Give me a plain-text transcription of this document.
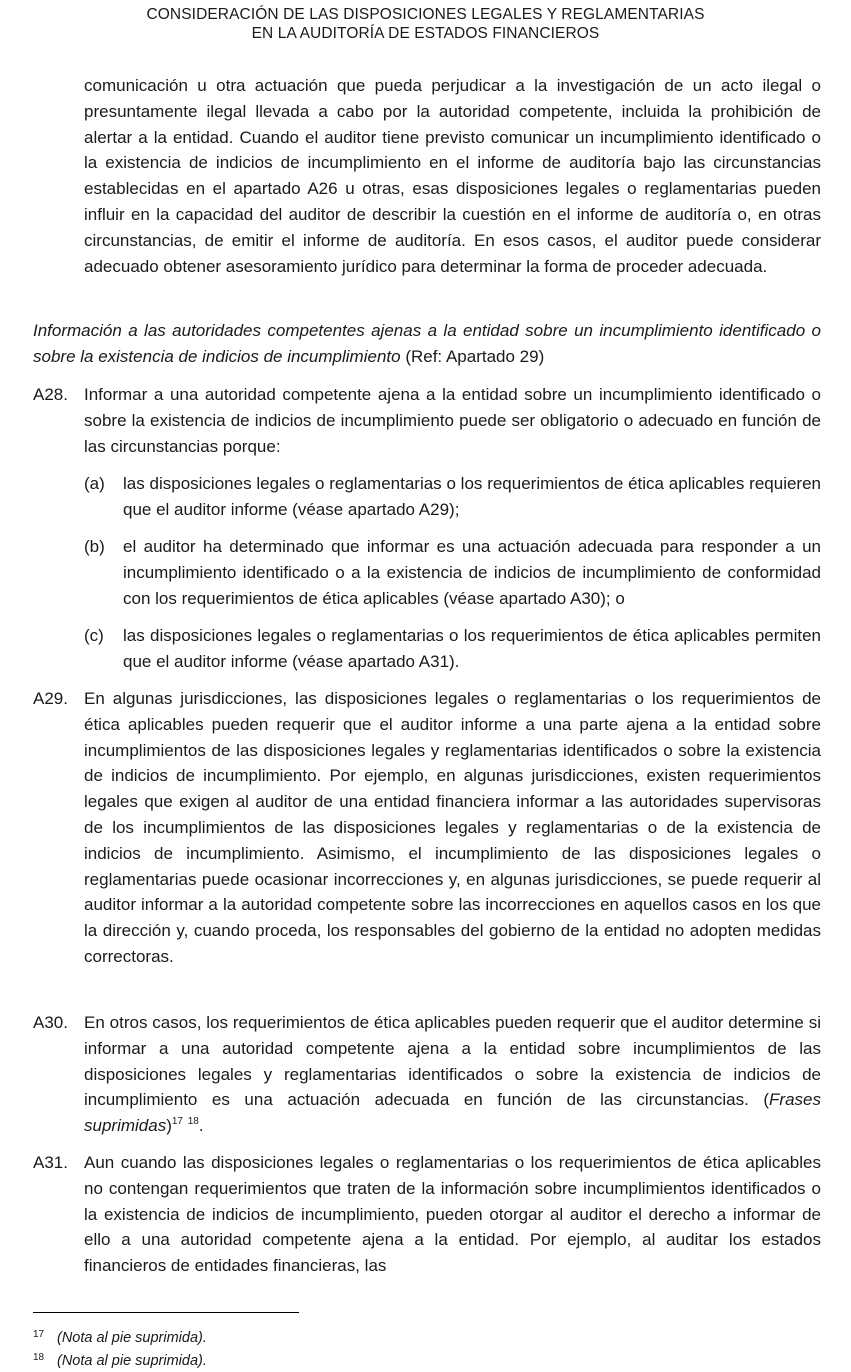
CONSIDERACIÓN DE LAS DISPOSICIONES LEGALES Y REGLAMENTARIAS
EN LA AUDITORÍA DE ESTADOS FINANCIEROS
comunicación u otra actuación que pueda perjudicar a la investigación de un acto ilegal o presuntamente ilegal llevada a cabo por la autoridad competente, incluida la prohibición de alertar a la entidad. Cuando el auditor tiene previsto comunicar un incumplimiento identificado o la existencia de indicios de incumplimiento en el informe de auditoría bajo las circunstancias establecidas en el apartado A26 u otras, esas disposiciones legales o reglamentarias pueden influir en la capacidad del auditor de describir la cuestión en el informe de auditoría o, en otras circunstancias, de emitir el informe de auditoría. En esos casos, el auditor puede considerar adecuado obtener asesoramiento jurídico para determinar la forma de proceder adecuada.
Información a las autoridades competentes ajenas a la entidad sobre un incumplimiento identificado o sobre la existencia de indicios de incumplimiento (Ref: Apartado 29)
A28. Informar a una autoridad competente ajena a la entidad sobre un incumplimiento identificado o sobre la existencia de indicios de incumplimiento puede ser obligatorio o adecuado en función de las circunstancias porque:
(a) las disposiciones legales o reglamentarias o los requerimientos de ética aplicables requieren que el auditor informe (véase apartado A29);
(b) el auditor ha determinado que informar es una actuación adecuada para responder a un incumplimiento identificado o a la existencia de indicios de incumplimiento de conformidad con los requerimientos de ética aplicables (véase apartado A30); o
(c) las disposiciones legales o reglamentarias o los requerimientos de ética aplicables permiten que el auditor informe (véase apartado A31).
A29. En algunas jurisdicciones, las disposiciones legales o reglamentarias o los requerimientos de ética aplicables pueden requerir que el auditor informe a una parte ajena a la entidad sobre incumplimientos de las disposiciones legales y reglamentarias identificados o sobre la existencia de indicios de incumplimiento. Por ejemplo, en algunas jurisdicciones, existen requerimientos legales que exigen al auditor de una entidad financiera informar a las autoridades supervisoras de los incumplimientos de las disposiciones legales y reglamentarias o de la existencia de indicios de incumplimiento. Asimismo, el incumplimiento de las disposiciones legales o reglamentarias puede ocasionar incorrecciones y, en algunas jurisdicciones, se puede requerir al auditor informar a la autoridad competente sobre las incorrecciones en aquellos casos en los que la dirección y, cuando proceda, los responsables del gobierno de la entidad no adopten medidas correctoras.
A30. En otros casos, los requerimientos de ética aplicables pueden requerir que el auditor determine si informar a una autoridad competente ajena a la entidad sobre incumplimientos de las disposiciones legales y reglamentarias identificados o sobre la existencia de indicios de incumplimiento es una actuación adecuada en función de las circunstancias. (Frases suprimidas)$^{17}$ $^{18}$.
A31. Aun cuando las disposiciones legales o reglamentarias o los requerimientos de ética aplicables no contengan requerimientos que traten de la información sobre incumplimientos identificados o la existencia de indicios de incumplimiento, pueden otorgar al auditor el derecho a informar de ello a una autoridad competente ajena a la entidad. Por ejemplo, al auditar los estados financieros de entidades financieras, las
17 (Nota al pie suprimida).
18 (Nota al pie suprimida).
